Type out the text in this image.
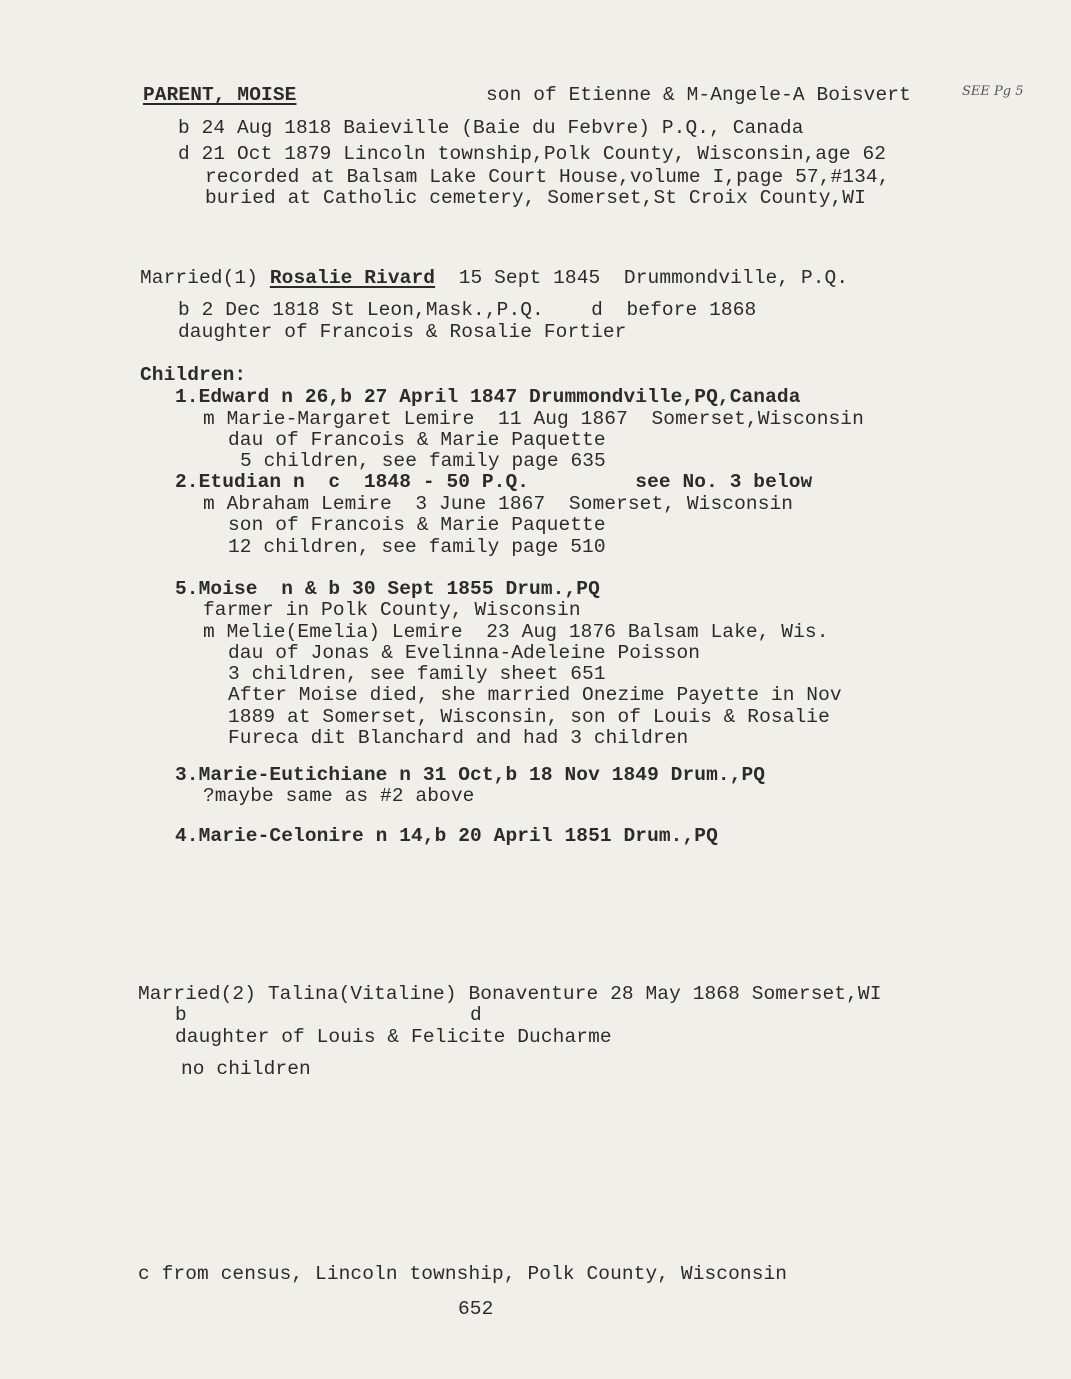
PARENT, MOISE	son of Etienne & M-Angele-A Boisvert	SEE Pg 5
b 24 Aug 1818 Baieville (Baie du Febvre) P.Q., Canada
d 21 Oct 1879 Lincoln township,Polk County, Wisconsin,age 62
recorded at Balsam Lake Court House,volume I,page 57,#134,
buried at Catholic cemetery, Somerset,St Croix County,WI
Married(1) Rosalie Rivard 15 Sept 1845  Drummondville, P.Q.
b 2 Dec 1818 St Leon,Mask.,P.Q.    d  before 1868
daughter of Francois & Rosalie Fortier
Children:
1.Edward n 26,b 27 April 1847 Drummondville,PQ,Canada
m Marie-Margaret Lemire  11 Aug 1867  Somerset,Wisconsin
dau of Francois & Marie Paquette
5 children, see family page 635
2.Etudian n  c  1848 - 50 P.Q.         see No. 3 below
m Abraham Lemire  3 June 1867  Somerset, Wisconsin
son of Francois & Marie Paquette
12 children, see family page 510
5.Moise  n & b 30 Sept 1855 Drum.,PQ
farmer in Polk County, Wisconsin
m Melie(Emelia) Lemire  23 Aug 1876 Balsam Lake, Wis.
dau of Jonas & Evelinna-Adeleine Poisson
3 children, see family sheet 651
After Moise died, she married Onezime Payette in Nov
1889 at Somerset, Wisconsin, son of Louis & Rosalie
Fureca dit Blanchard and had 3 children
3.Marie-Eutichiane n 31 Oct,b 18 Nov 1849 Drum.,PQ
?maybe same as #2 above
4.Marie-Celonire n 14,b 20 April 1851 Drum.,PQ
Married(2) Talina(Vitaline) Bonaventure 28 May 1868 Somerset,WI
b                        d
daughter of Louis & Felicite Ducharme
no children
c from census, Lincoln township, Polk County, Wisconsin
652
